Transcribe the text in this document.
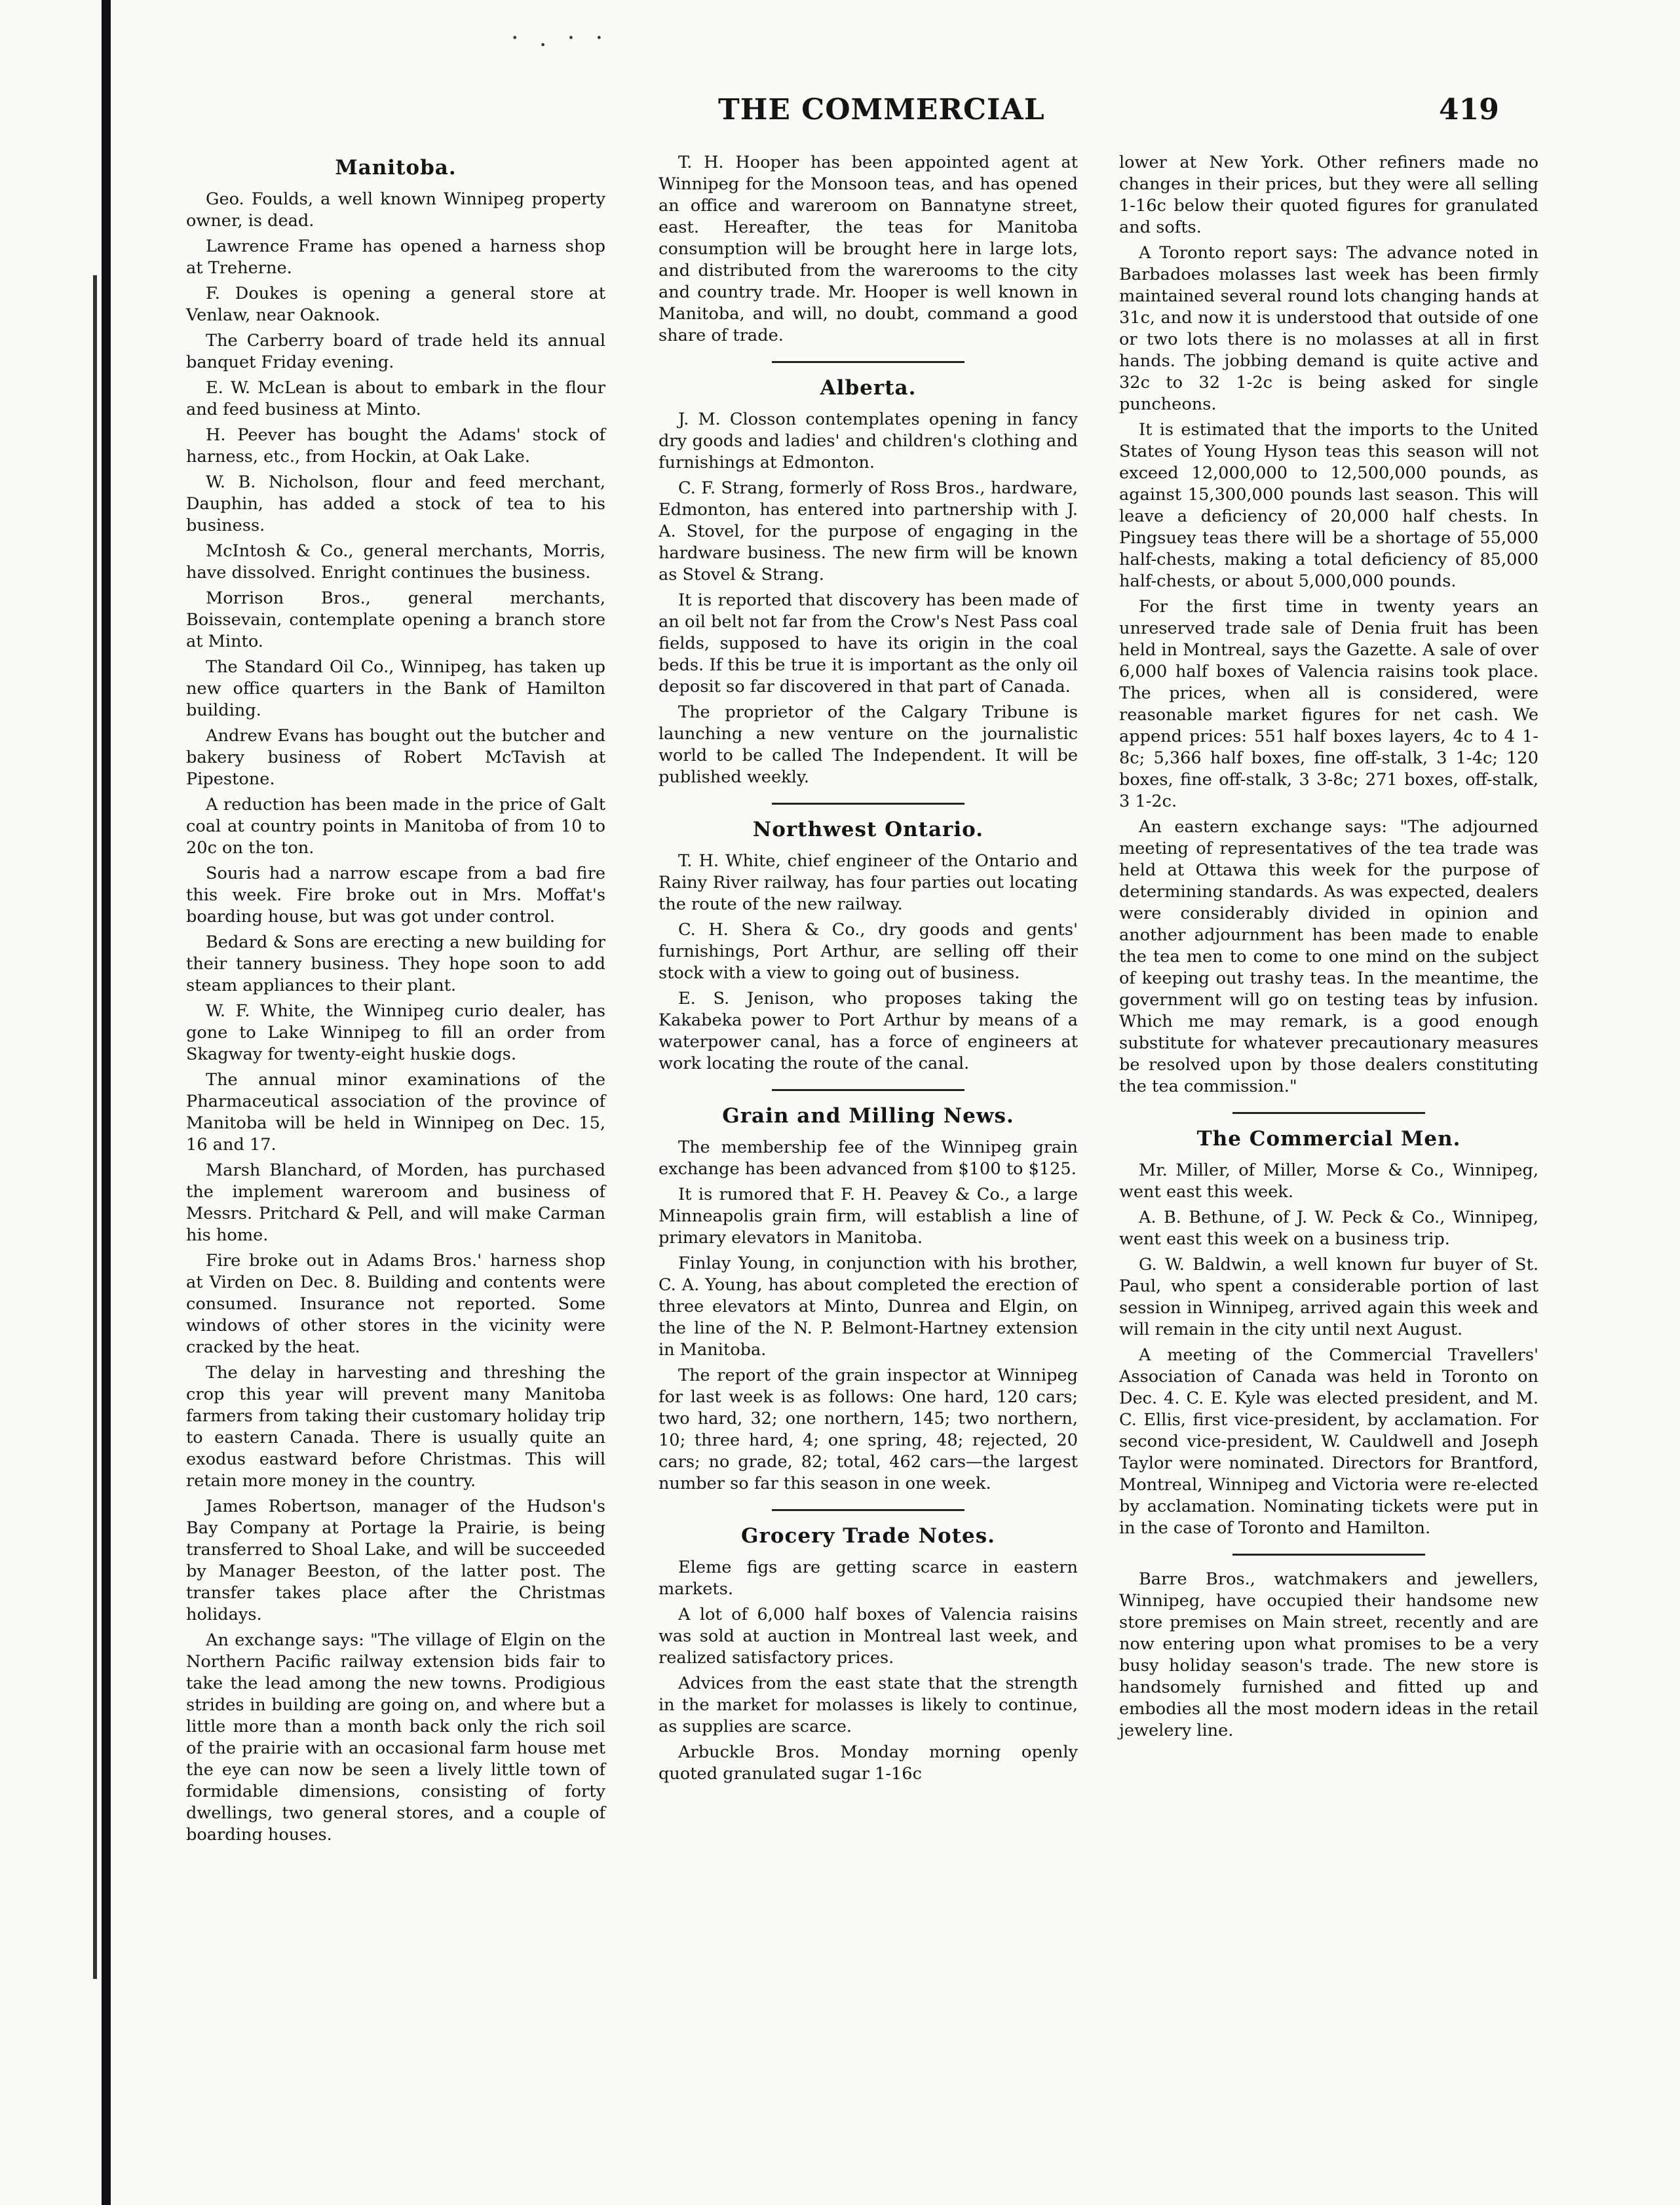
· . · ·
THE COMMERCIAL	419
Manitoba.

Geo. Foulds, a well known Winnipeg property owner, is dead.

Lawrence Frame has opened a harness shop at Treherne.

F. Doukes is opening a general store at Venlaw, near Oaknook.

The Carberry board of trade held its annual banquet Friday evening.

E. W. McLean is about to embark in the flour and feed business at Minto.

H. Peever has bought the Adams' stock of harness, etc., from Hockin, at Oak Lake.

W. B. Nicholson, flour and feed merchant, Dauphin, has added a stock of tea to his business.

McIntosh & Co., general merchants, Morris, have dissolved. Enright continues the business.

Morrison Bros., general merchants, Boissevain, contemplate opening a branch store at Minto.

The Standard Oil Co., Winnipeg, has taken up new office quarters in the Bank of Hamilton building.

Andrew Evans has bought out the butcher and bakery business of Robert McTavish at Pipestone.

A reduction has been made in the price of Galt coal at country points in Manitoba of from 10 to 20c on the ton.

Souris had a narrow escape from a bad fire this week. Fire broke out in Mrs. Moffat's boarding house, but was got under control.

Bedard & Sons are erecting a new building for their tannery business. They hope soon to add steam appliances to their plant.

W. F. White, the Winnipeg curio dealer, has gone to Lake Winnipeg to fill an order from Skagway for twenty-eight huskie dogs.

The annual minor examinations of the Pharmaceutical association of the province of Manitoba will be held in Winnipeg on Dec. 15, 16 and 17.

Marsh Blanchard, of Morden, has purchased the implement wareroom and business of Messrs. Pritchard & Pell, and will make Carman his home.

Fire broke out in Adams Bros.' harness shop at Virden on Dec. 8. Building and contents were consumed. Insurance not reported. Some windows of other stores in the vicinity were cracked by the heat.

The delay in harvesting and threshing the crop this year will prevent many Manitoba farmers from taking their customary holiday trip to eastern Canada. There is usually quite an exodus eastward before Christmas. This will retain more money in the country.

James Robertson, manager of the Hudson's Bay Company at Portage la Prairie, is being transferred to Shoal Lake, and will be succeeded by Manager Beeston, of the latter post. The transfer takes place after the Christmas holidays.

An exchange says: "The village of Elgin on the Northern Pacific railway extension bids fair to take the lead among the new towns. Prodigious strides in building are going on, and where but a little more than a month back only the rich soil of the prairie with an occasional farm house met the eye can now be seen a lively little town of formidable dimensions, consisting of forty dwellings, two general stores, and a couple of boarding houses.

T. H. Hooper has been appointed agent at Winnipeg for the Monsoon teas, and has opened an office and wareroom on Bannatyne street, east. Hereafter, the teas for Manitoba consumption will be brought here in large lots, and distributed from the warerooms to the city and country trade. Mr. Hooper is well known in Manitoba, and will, no doubt, command a good share of trade.

Alberta.

J. M. Closson contemplates opening in fancy dry goods and ladies' and children's clothing and furnishings at Edmonton.

C. F. Strang, formerly of Ross Bros., hardware, Edmonton, has entered into partnership with J. A. Stovel, for the purpose of engaging in the hardware business. The new firm will be known as Stovel & Strang.

It is reported that discovery has been made of an oil belt not far from the Crow's Nest Pass coal fields, supposed to have its origin in the coal beds. If this be true it is important as the only oil deposit so far discovered in that part of Canada.

The proprietor of the Calgary Tribune is launching a new venture on the journalistic world to be called The Independent. It will be published weekly.

Northwest Ontario.

T. H. White, chief engineer of the Ontario and Rainy River railway, has four parties out locating the route of the new railway.

C. H. Shera & Co., dry goods and gents' furnishings, Port Arthur, are selling off their stock with a view to going out of business.

E. S. Jenison, who proposes taking the Kakabeka power to Port Arthur by means of a waterpower canal, has a force of engineers at work locating the route of the canal.

Grain and Milling News.

The membership fee of the Winnipeg grain exchange has been advanced from $100 to $125.

It is rumored that F. H. Peavey & Co., a large Minneapolis grain firm, will establish a line of primary elevators in Manitoba.

Finlay Young, in conjunction with his brother, C. A. Young, has about completed the erection of three elevators at Minto, Dunrea and Elgin, on the line of the N. P. Belmont-Hartney extension in Manitoba.

The report of the grain inspector at Winnipeg for last week is as follows: One hard, 120 cars; two hard, 32; one northern, 145; two northern, 10; three hard, 4; one spring, 48; rejected, 20 cars; no grade, 82; total, 462 cars—the largest number so far this season in one week.

Grocery Trade Notes.

Eleme figs are getting scarce in eastern markets.

A lot of 6,000 half boxes of Valencia raisins was sold at auction in Montreal last week, and realized satisfactory prices.

Advices from the east state that the strength in the market for molasses is likely to continue, as supplies are scarce.

Arbuckle Bros. Monday morning openly quoted granulated sugar 1-16c

lower at New York. Other refiners made no changes in their prices, but they were all selling 1-16c below their quoted figures for granulated and softs.

A Toronto report says: The advance noted in Barbadoes molasses last week has been firmly maintained several round lots changing hands at 31c, and now it is understood that outside of one or two lots there is no molasses at all in first hands. The jobbing demand is quite active and 32c to 32 1-2c is being asked for single puncheons.

It is estimated that the imports to the United States of Young Hyson teas this season will not exceed 12,000,000 to 12,500,000 pounds, as against 15,300,000 pounds last season. This will leave a deficiency of 20,000 half chests. In Pingsuey teas there will be a shortage of 55,000 half-chests, making a total deficiency of 85,000 half-chests, or about 5,000,000 pounds.

For the first time in twenty years an unreserved trade sale of Denia fruit has been held in Montreal, says the Gazette. A sale of over 6,000 half boxes of Valencia raisins took place. The prices, when all is considered, were reasonable market figures for net cash. We append prices: 551 half boxes layers, 4c to 4 1-8c; 5,366 half boxes, fine off-stalk, 3 1-4c; 120 boxes, fine off-stalk, 3 3-8c; 271 boxes, off-stalk, 3 1-2c.

An eastern exchange says: "The adjourned meeting of representatives of the tea trade was held at Ottawa this week for the purpose of determining standards. As was expected, dealers were considerably divided in opinion and another adjournment has been made to enable the tea men to come to one mind on the subject of keeping out trashy teas. In the meantime, the government will go on testing teas by infusion. Which me may remark, is a good enough substitute for whatever precautionary measures be resolved upon by those dealers constituting the tea commission."

The Commercial Men.

Mr. Miller, of Miller, Morse & Co., Winnipeg, went east this week.

A. B. Bethune, of J. W. Peck & Co., Winnipeg, went east this week on a business trip.

G. W. Baldwin, a well known fur buyer of St. Paul, who spent a considerable portion of last session in Winnipeg, arrived again this week and will remain in the city until next August.

A meeting of the Commercial Travellers' Association of Canada was held in Toronto on Dec. 4. C. E. Kyle was elected president, and M. C. Ellis, first vice-president, by acclamation. For second vice-president, W. Cauldwell and Joseph Taylor were nominated. Directors for Brantford, Montreal, Winnipeg and Victoria were re-elected by acclamation. Nominating tickets were put in in the case of Toronto and Hamilton.

Barre Bros., watchmakers and jewellers, Winnipeg, have occupied their handsome new store premises on Main street, recently and are now entering upon what promises to be a very busy holiday season's trade. The new store is handsomely furnished and fitted up and embodies all the most modern ideas in the retail jewelery line.
